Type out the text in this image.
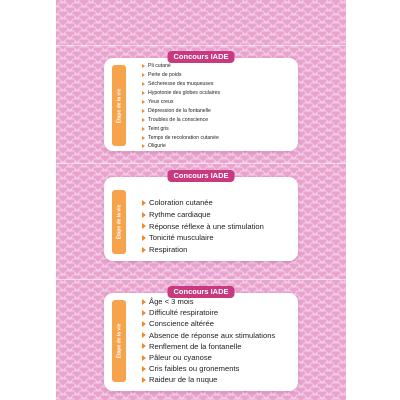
Concours IADE
Étape de la vie
Pli cutané
Perte de poids
Sécheresse des muqueuses
Hypotonie des globes oculaires
Yeux creux
Dépression de la fontanelle
Troubles de la conscience
Teint gris
Temps de recoloration cutanée
Oligurie
Concours IADE
Étape de la vie
Coloration cutanée
Rythme cardiaque
Réponse réflexe à une stimulation
Tonicité musculaire
Respiration
Concours IADE
Étape de la vie
Âge < 3 mois
Difficulté respiratoire
Conscience altérée
Absence de réponse aux stimulations
Renflement de la fontanelle
Pâleur ou cyanose
Cris faibles ou gronements
Raideur de la nuque
